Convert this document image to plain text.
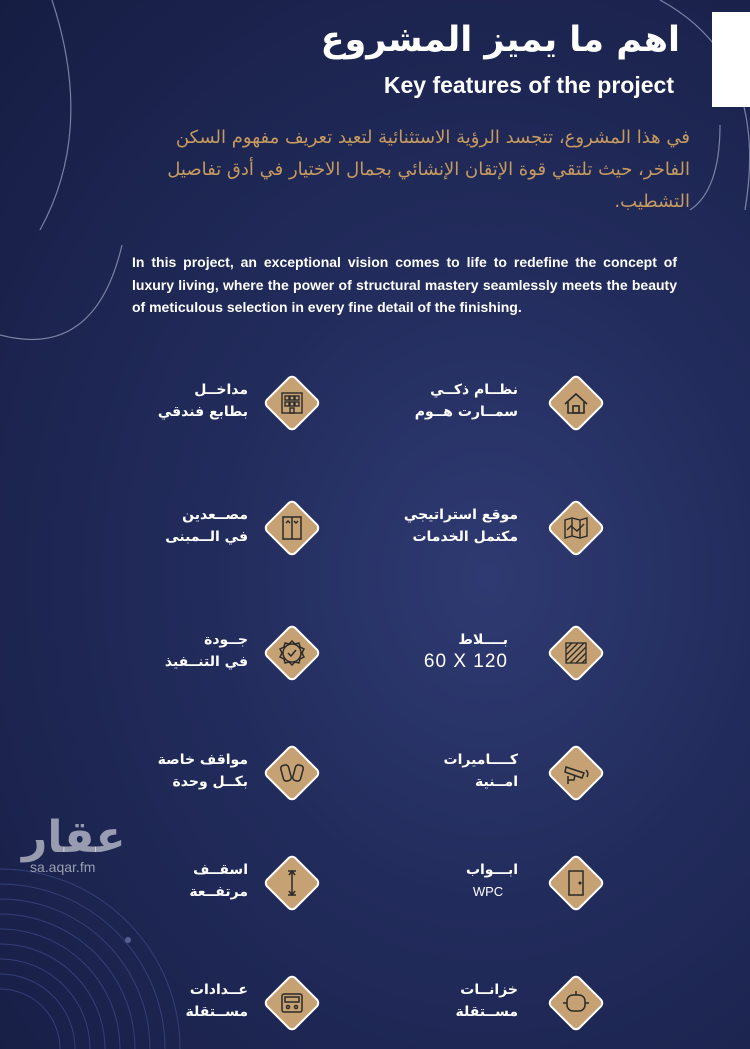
اهم ما يميز المشروع
Key features of the project
في هذا المشروع، تتجسد الرؤية الاستثنائية لتعيد تعريف مفهوم السكن الفاخر، حيث تلتقي قوة الإتقان الإنشائي بجمال الاختيار في أدق تفاصيل التشطيب.
In this project, an exceptional vision comes to life to redefine the concept of luxury living, where the power of structural mastery seamlessly meets the beauty of meticulous selection in every fine detail of the finishing.
نظــام ذكــي
سمــارت هــوم
مداخــل
بطابع فندقي
موقع استراتيجي
مكتمل الخدمات
مصــعدين
في الــمبنى
بــــلاط
60 X 120
جــودة
في التنــفيذ
كــــاميرات
امــنية
مواقف خاصة
بكــل وحدة
ابـــواب
WPC
اسقــف
مرتفــعة
خزانــات
مســتقلة
عــدادات
مســتقلة
عقار
sa.aqar.fm
